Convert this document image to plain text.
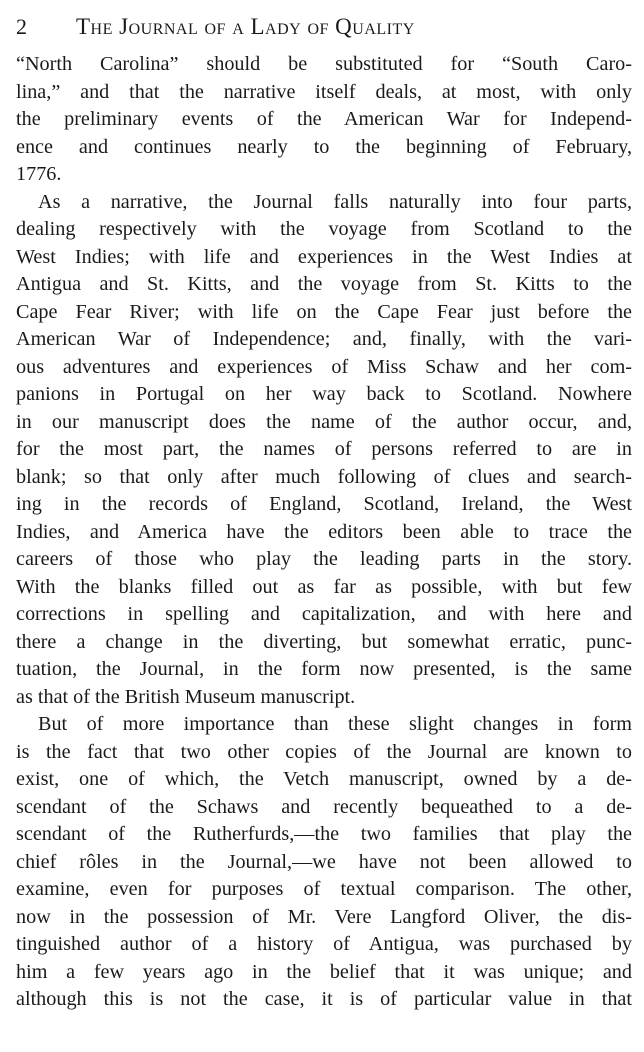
2 The Journal of a Lady of Quality
“North Carolina” should be substituted for “South Caro-
lina,” and that the narrative itself deals, at most, with only
the preliminary events of the American War for Independ-
ence and continues nearly to the beginning of February,
1776.
As a narrative, the Journal falls naturally into four parts,
dealing respectively with the voyage from Scotland to the
West Indies; with life and experiences in the West Indies at
Antigua and St. Kitts, and the voyage from St. Kitts to the
Cape Fear River; with life on the Cape Fear just before the
American War of Independence; and, finally, with the vari-
ous adventures and experiences of Miss Schaw and her com-
panions in Portugal on her way back to Scotland. Nowhere
in our manuscript does the name of the author occur, and,
for the most part, the names of persons referred to are in
blank; so that only after much following of clues and search-
ing in the records of England, Scotland, Ireland, the West
Indies, and America have the editors been able to trace the
careers of those who play the leading parts in the story.
With the blanks filled out as far as possible, with but few
corrections in spelling and capitalization, and with here and
there a change in the diverting, but somewhat erratic, punc-
tuation, the Journal, in the form now presented, is the same
as that of the British Museum manuscript.
But of more importance than these slight changes in form
is the fact that two other copies of the Journal are known to
exist, one of which, the Vetch manuscript, owned by a de-
scendant of the Schaws and recently bequeathed to a de-
scendant of the Rutherfurds,—the two families that play the
chief rôles in the Journal,—we have not been allowed to
examine, even for purposes of textual comparison. The other,
now in the possession of Mr. Vere Langford Oliver, the dis-
tinguished author of a history of Antigua, was purchased by
him a few years ago in the belief that it was unique; and
although this is not the case, it is of particular value in that
